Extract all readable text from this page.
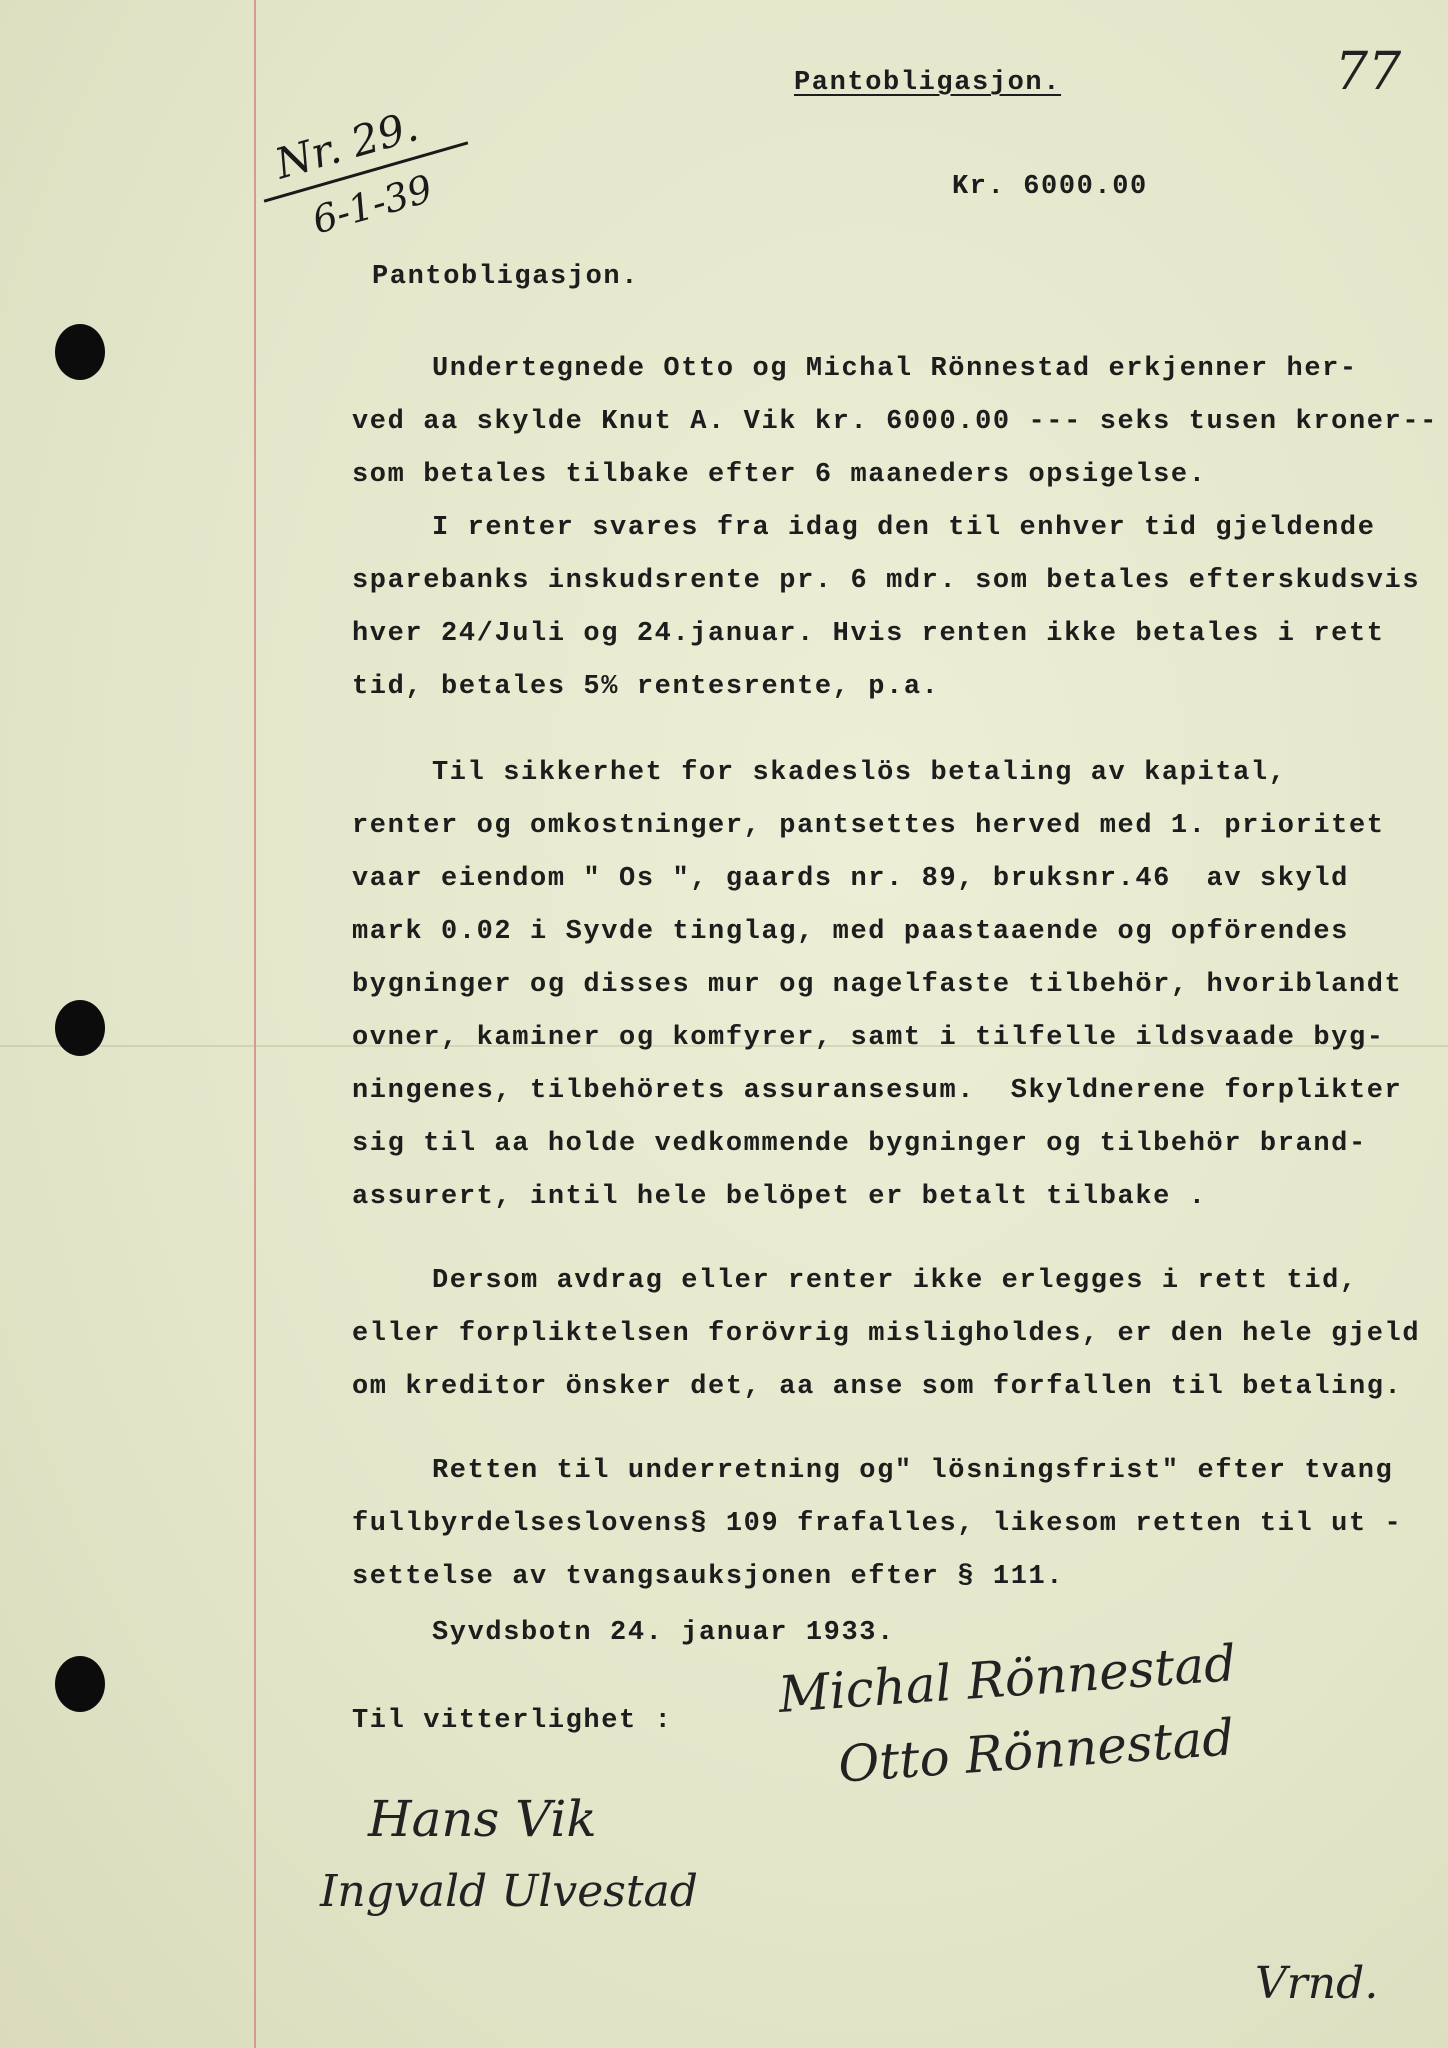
Nr. 29.
6-1-39
Pantobligasjon.	77
Kr. 6000.00
Pantobligasjon.
Undertegnede Otto og Michal Rönnestad erkjenner her-
ved aa skylde Knut A. Vik kr. 6000.00 --- seks tusen kroner--
som betales tilbake efter 6 maaneders opsigelse.
I renter svares fra idag den til enhver tid gjeldende
sparebanks inskudsrente pr. 6 mdr. som betales efterskudsvis
hver 24/Juli og 24.januar. Hvis renten ikke betales i rett
tid, betales 5% rentesrente, p.a.
Til sikkerhet for skadeslös betaling av kapital,
renter og omkostninger, pantsettes herved med 1. prioritet
vaar eiendom " Os ", gaards nr. 89, bruksnr.46  av skyld
mark 0.02 i Syvde tinglag, med paastaaende og opförendes
bygninger og disses mur og nagelfaste tilbehör, hvoriblandt
ovner, kaminer og komfyrer, samt i tilfelle ildsvaade byg-
ningenes, tilbehörets assuransesum.  Skyldnerene forplikter
sig til aa holde vedkommende bygninger og tilbehör brand-
assurert, intil hele belöpet er betalt tilbake .
Dersom avdrag eller renter ikke erlegges i rett tid,
eller forpliktelsen forövrig misligholdes, er den hele gjeld
om kreditor önsker det, aa anse som forfallen til betaling.
Retten til underretning og" lösningsfrist" efter tvang
fullbyrdelseslovens§ 109 frafalles, likesom retten til ut -
settelse av tvangsauksjonen efter § 111.
Syvdsbotn 24. januar 1933.
Til vitterlighet : Michal Rönnestad
Otto Rönnestad
Hans Vik
Ingvald Ulvestad
Vrnd.
